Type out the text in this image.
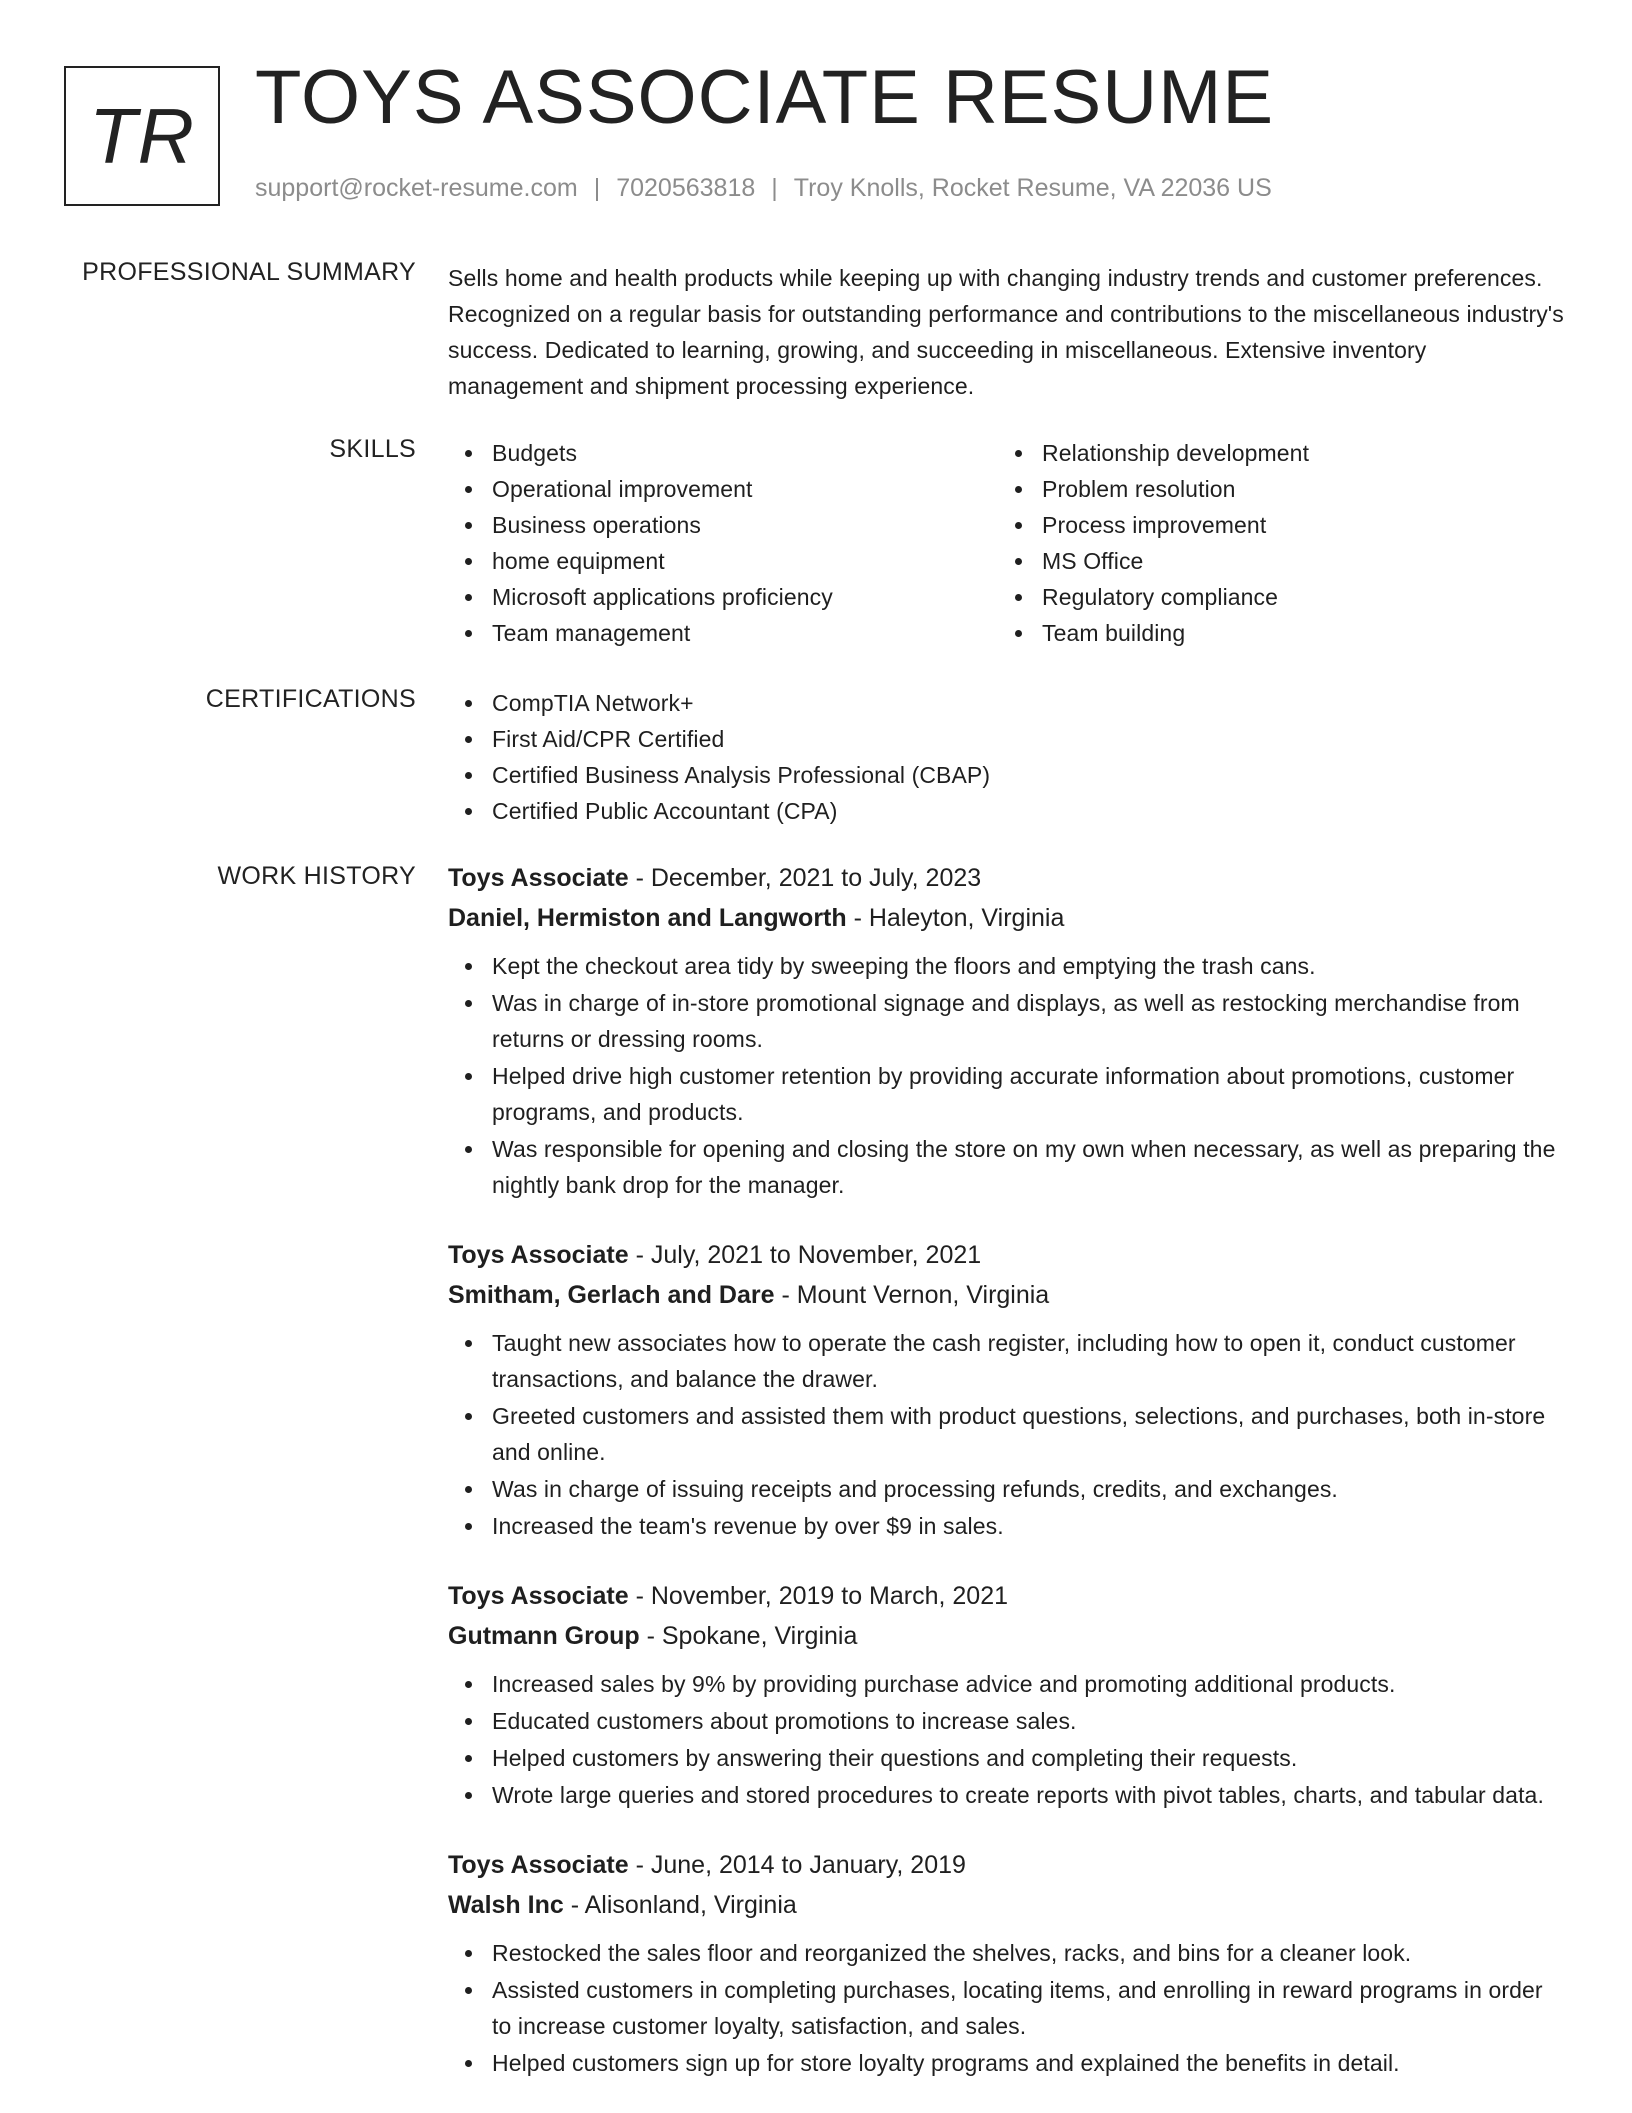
TR TOYS ASSOCIATE RESUME
support@rocket-resume.com | 7020563818 | Troy Knolls, Rocket Resume, VA 22036 US
PROFESSIONAL SUMMARY Sells home and health products while keeping up with changing industry trends and customer preferences. Recognized on a regular basis for outstanding performance and contributions to the miscellaneous industry's success. Dedicated to learning, growing, and succeeding in miscellaneous. Extensive inventory management and shipment processing experience.

SKILLS	Budgets
Operational improvement
Business operations
home equipment
Microsoft applications proficiency
Team management
Relationship development
Problem resolution
Process improvement
MS Office
Regulatory compliance
Team building
CERTIFICATIONS	CompTIA Network+
First Aid/CPR Certified
Certified Business Analysis Professional (CBAP)
Certified Public Accountant (CPA)
WORK HISTORY Toys Associate - December, 2021 to July, 2023
Daniel, Hermiston and Langworth - Haleyton, Virginia
Kept the checkout area tidy by sweeping the floors and emptying the trash cans.
Was in charge of in-store promotional signage and displays, as well as restocking merchandise from returns or dressing rooms.
Helped drive high customer retention by providing accurate information about promotions, customer programs, and products.
Was responsible for opening and closing the store on my own when necessary, as well as preparing the nightly bank drop for the manager.
Toys Associate - July, 2021 to November, 2021
Smitham, Gerlach and Dare - Mount Vernon, Virginia
Taught new associates how to operate the cash register, including how to open it, conduct customer transactions, and balance the drawer.
Greeted customers and assisted them with product questions, selections, and purchases, both in-store and online.
Was in charge of issuing receipts and processing refunds, credits, and exchanges.
Increased the team's revenue by over $9 in sales.
Toys Associate - November, 2019 to March, 2021
Gutmann Group - Spokane, Virginia
Increased sales by 9% by providing purchase advice and promoting additional products.
Educated customers about promotions to increase sales.
Helped customers by answering their questions and completing their requests.
Wrote large queries and stored procedures to create reports with pivot tables, charts, and tabular data.
Toys Associate - June, 2014 to January, 2019
Walsh Inc - Alisonland, Virginia
Restocked the sales floor and reorganized the shelves, racks, and bins for a cleaner look.
Assisted customers in completing purchases, locating items, and enrolling in reward programs in order to increase customer loyalty, satisfaction, and sales.
Helped customers sign up for store loyalty programs and explained the benefits in detail.
